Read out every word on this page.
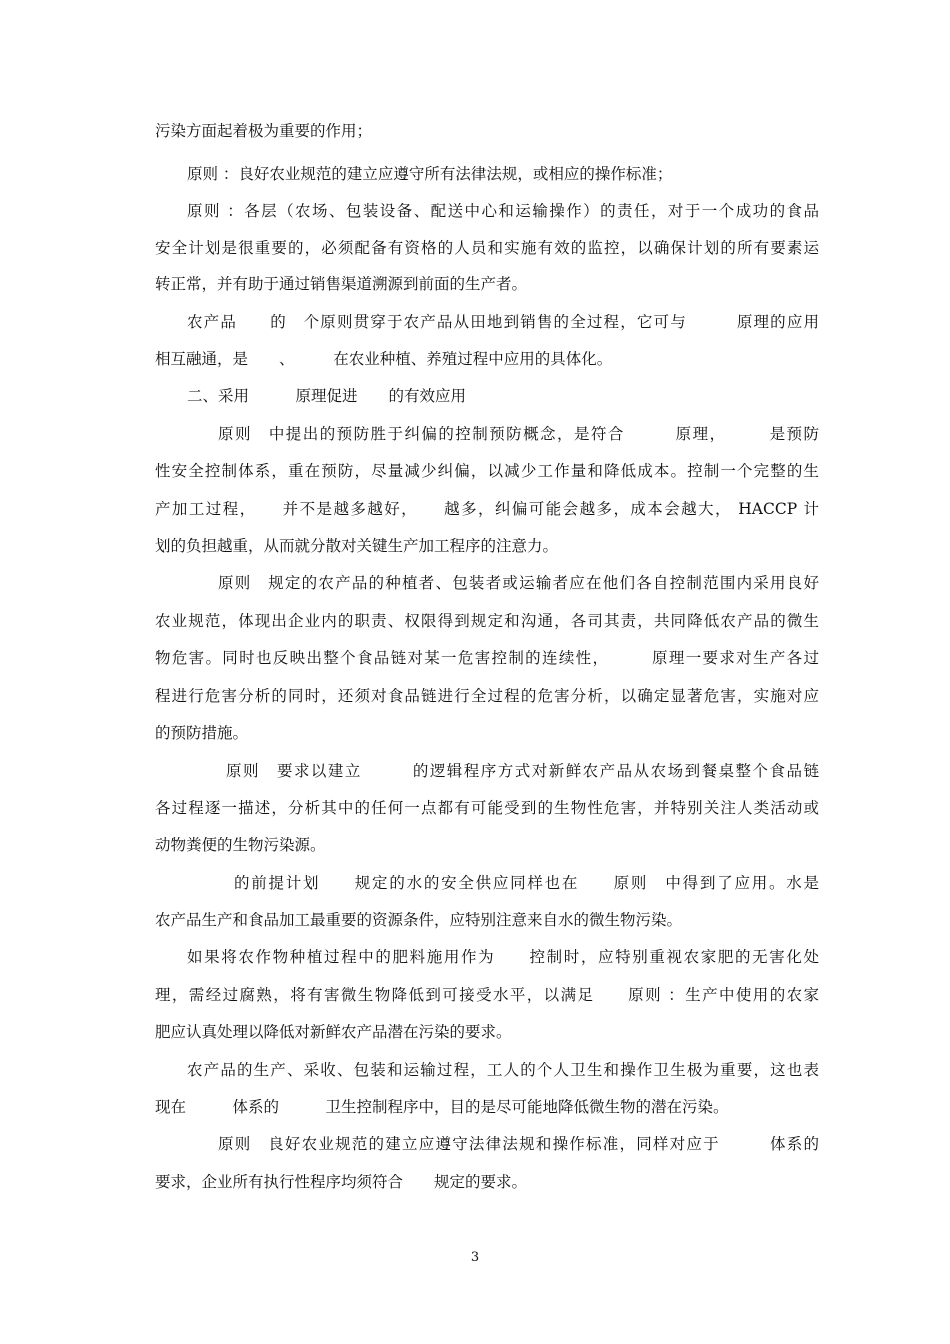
污染方面起着极为重要的作用；
原则 ：良好农业规范的建立应遵守所有法律法规，或相应的操作标准；
原则 ：各层（农场、包装设备、配送中心和运输操作）的责任，对于一个成功的食品
安全计划是很重要的，必须配备有资格的人员和实施有效的监控，以确保计划的所有要素运
转正常，并有助于通过销售渠道溯源到前面的生产者。
农产品　　的　个原则贯穿于农产品从田地到销售的全过程，它可与　　　原理的应用
相互融通，是　　、　　　在农业种植、养殖过程中应用的具体化。
二、采用　　　原理促进　　的有效应用
原则　中提出的预防胜于纠偏的控制预防概念，是符合　　　原理，　　　是预防
性安全控制体系，重在预防，尽量减少纠偏，以减少工作量和降低成本。控制一个完整的生
产加工过程，　　并不是越多越好，　　越多，纠偏可能会越多，成本会越大， HACCP 计
划的负担越重，从而就分散对关键生产加工程序的注意力。
原则　规定的农产品的种植者、包装者或运输者应在他们各自控制范围内采用良好
农业规范，体现出企业内的职责、权限得到规定和沟通，各司其责，共同降低农产品的微生
物危害。同时也反映出整个食品链对某一危害控制的连续性，　　　原理一要求对生产各过
程进行危害分析的同时，还须对食品链进行全过程的危害分析，以确定显著危害，实施对应
的预防措施。
原则　要求以建立　　　的逻辑程序方式对新鲜农产品从农场到餐桌整个食品链
各过程逐一描述，分析其中的任何一点都有可能受到的生物性危害，并特别关注人类活动或
动物粪便的生物污染源。
的前提计划　　规定的水的安全供应同样也在　　原则　中得到了应用。水是
农产品生产和食品加工最重要的资源条件，应特别注意来自水的微生物污染。
如果将农作物种植过程中的肥料施用作为　　控制时，应特别重视农家肥的无害化处
理，需经过腐熟，将有害微生物降低到可接受水平，以满足　　原则 ：生产中使用的农家
肥应认真处理以降低对新鲜农产品潜在污染的要求。
农产品的生产、采收、包装和运输过程，工人的个人卫生和操作卫生极为重要，这也表
现在　　　体系的　　　卫生控制程序中，目的是尽可能地降低微生物的潜在污染。
原则　良好农业规范的建立应遵守法律法规和操作标准，同样对应于　　　体系的
要求，企业所有执行性程序均须符合　　规定的要求。
3
